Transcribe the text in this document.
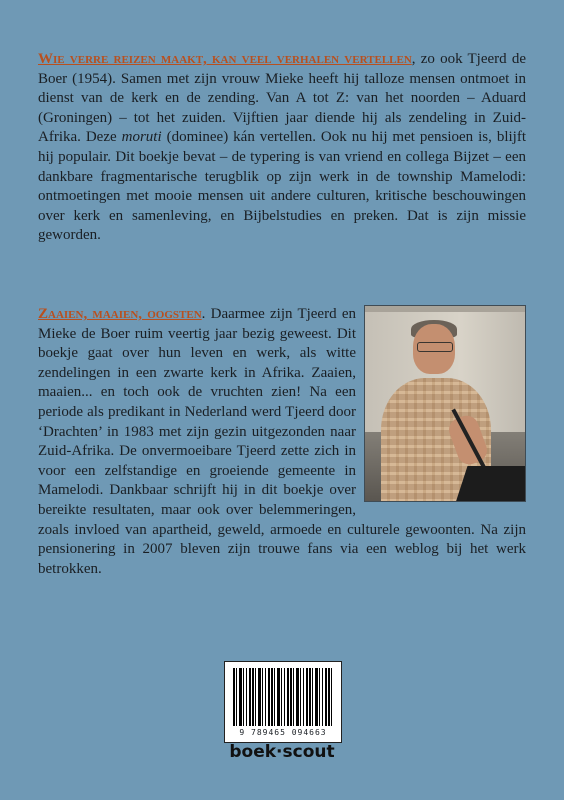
Wie verre reizen maakt, kan veel verhalen vertellen, zo ook Tjeerd de Boer (1954). Samen met zijn vrouw Mieke heeft hij talloze mensen ontmoet in dienst van de kerk en de zending. Van A tot Z: van het noorden – Aduard (Groningen) – tot het zuiden. Vijftien jaar diende hij als zendeling in Zuid-Afrika. Deze moruti (dominee) kán vertellen. Ook nu hij met pensioen is, blijft hij populair. Dit boekje bevat – de typering is van vriend en collega Bijzet – een dankbare fragmentarische terugblik op zijn werk in de township Mamelodi: ontmoetingen met mooie mensen uit andere culturen, kritische beschouwingen over kerk en samenleving, en Bijbelstudies en preken. Dat is zijn missie geworden.

Zaaien, maaien, oogsten. Daarmee zijn Tjeerd en Mieke de Boer ruim veertig jaar bezig geweest. Dit boekje gaat over hun leven en werk, als witte zendelingen in een zwarte kerk in Afrika. Zaaien, maaien... en toch ook de vruchten zien! Na een periode als predikant in Nederland werd Tjeerd door ‘Drachten’ in 1983 met zijn gezin uitgezonden naar Zuid-Afrika. De onvermoeibare Tjeerd zette zich in voor een zelfstandige en groeiende gemeente in Mamelodi. Dankbaar schrijft hij in dit boekje over bereikte resultaten, maar ook over belemmeringen, zoals invloed van apartheid, geweld, armoede en culturele gewoonten. Na zijn pensionering in 2007 bleven zijn trouwe fans via een weblog bij het werk betrokken.

9 789465 094663
boek·scout
